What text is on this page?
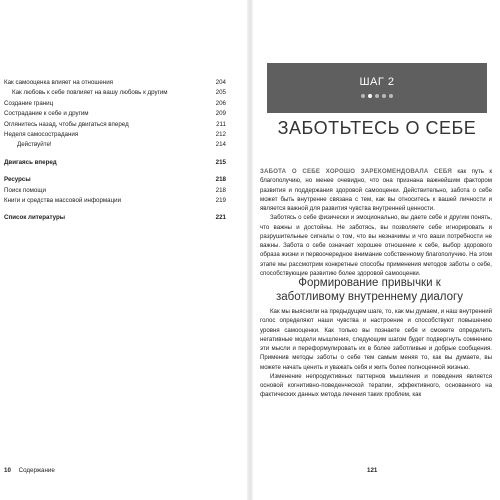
Как самооценка влияет на отношения	204
Как любовь к себе повлияет на вашу любовь к другим	205
Создание границ	206
Сострадание к себе и другим	209
Оглянитесь назад, чтобы двигаться вперед	211
Неделя самосострадания	212
Действуйте!	214
Двигаясь вперед	215
Ресурсы	218
Поиск помощи	218
Книги и средства массовой информации	219
Список литературы	221
10 Содержание
ШАГ 2
ЗАБОТЬТЕСЬ О СЕБЕ

ЗАБОТА О СЕБЕ ХОРОШО ЗАРЕКОМЕНДОВАЛА СЕБЯ как путь к благополучию, но менее очевидно, что она признана важнейшим фактором развития и поддержания здоровой самооценки. Действительно, забота о себе может быть внутренне связана с тем, как вы относитесь к вашей личности и является важной для развития чувства внутренней ценности.

Заботясь о себе физически и эмоционально, вы даете себе и другим понять, что важны и достойны. Не заботясь, вы позволяете себе игнорировать и разрушительные сигналы о том, что вы незначимы и что ваши потребности не важны. Забота о себе означает хорошее отношение к себе, выбор здорового образа жизни и первоочередное внимание собственному благополучию. На этом этапе мы рассмотрим конкретные способы применения методов заботы о себе, способствующие развитию более здоровой самооценки.

Формирование привычки к заботливому внутреннему диалогу

Как мы выяснили на предыдущем шаге, то, как мы думаем, и наш внутренний голос определяют наши чувства и настроение и способствуют повышению уровня самооценки. Как только вы познаете себя и сможете определить негативные модели мышления, следующим шагом будет подвергнуть сомнению эти мысли и переформулировать их в более заботливые и добрые сообщения. Применив методы заботы о себе тем самым меняя то, как вы думаете, вы можете начать ценить и уважать себя и жить более полноценной жизнью.

Изменение непродуктивных паттернов мышления и поведения является основой когнитивно-поведенческой терапии, эффективного, основанного на фактических данных метода лечения таких проблем, как

121
